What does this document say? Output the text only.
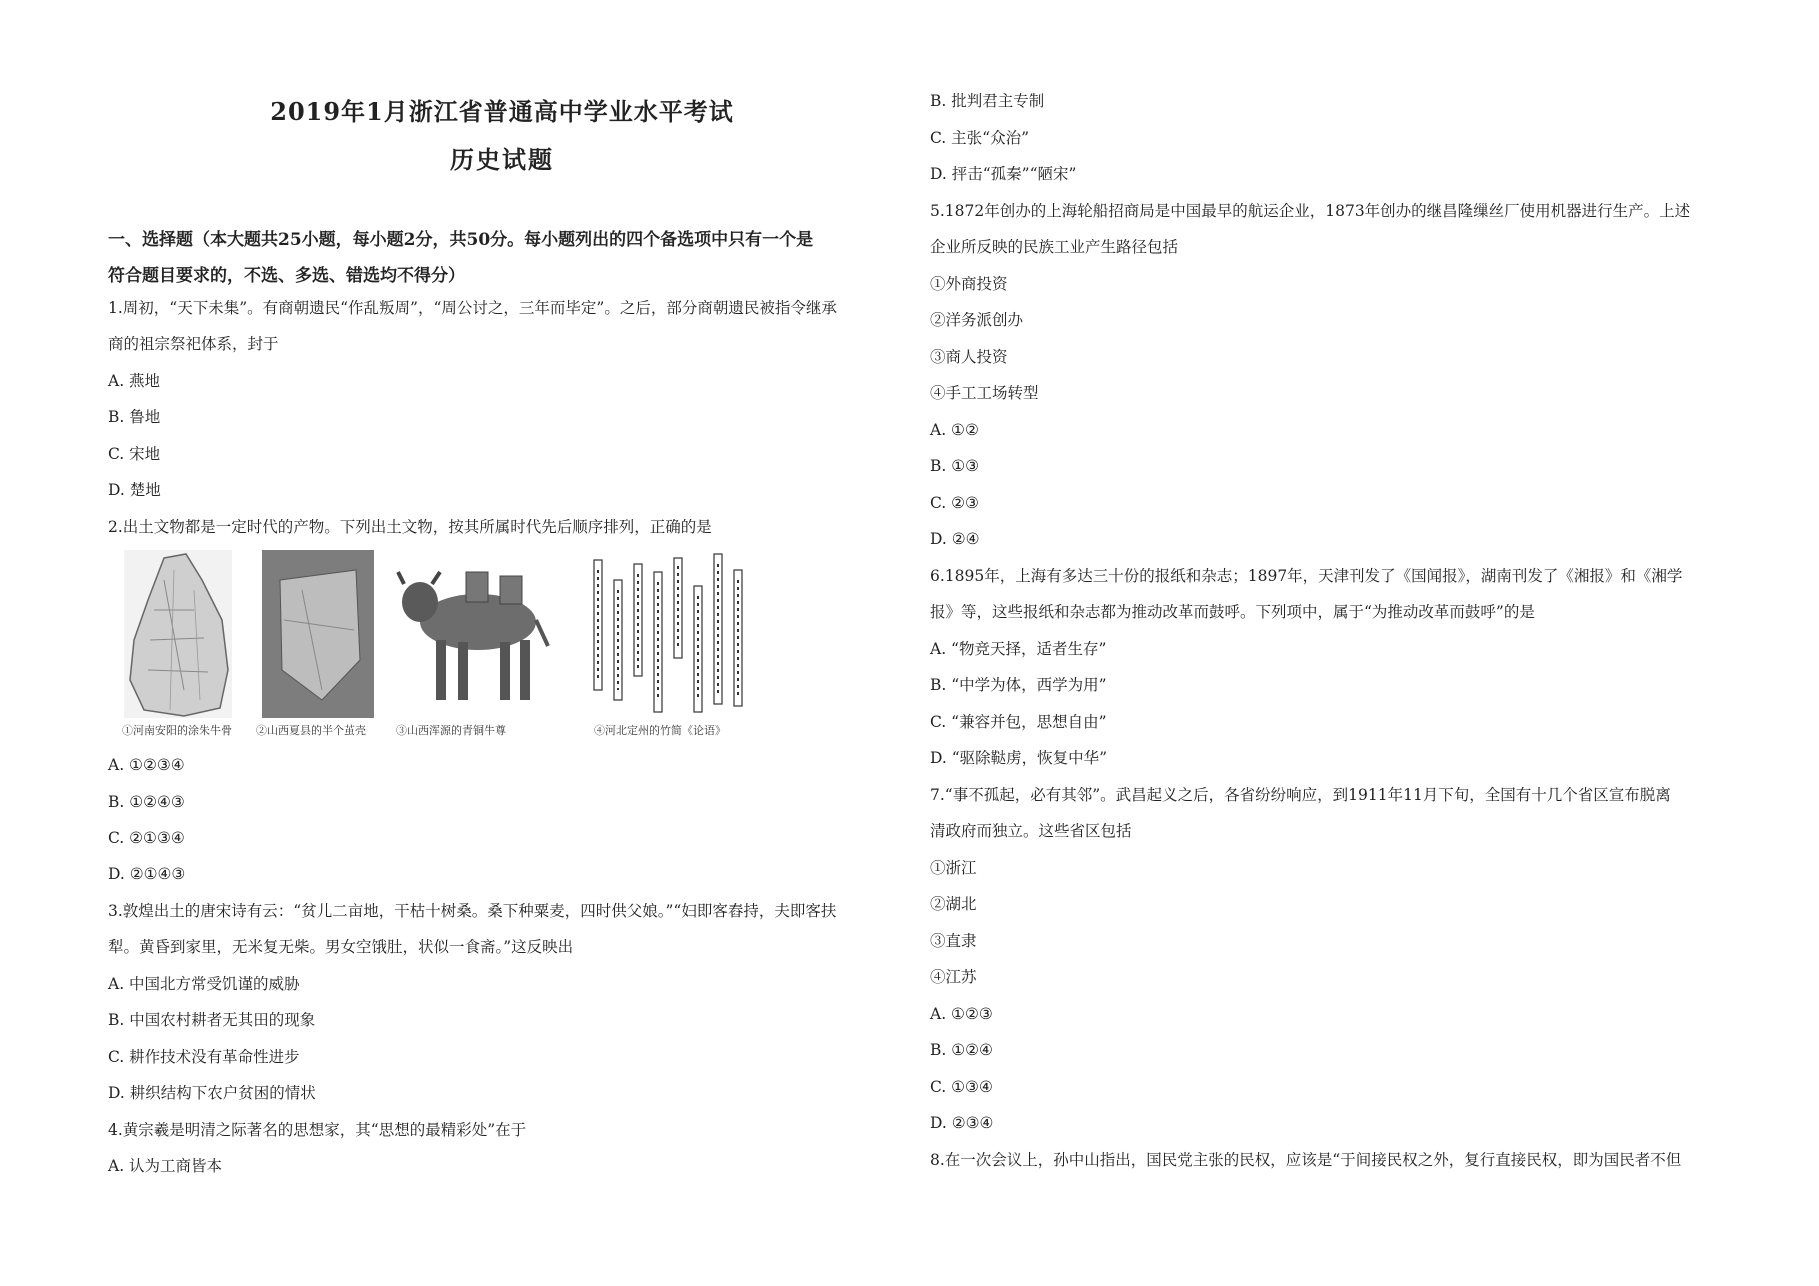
2019年1月浙江省普通高中学业水平考试
历史试题
一、选择题（本大题共25小题，每小题2分，共50分。每小题列出的四个备选项中只有一个是
符合题目要求的，不选、多选、错选均不得分）
1.周初，“天下未集”。有商朝遗民“作乱叛周”，“周公讨之，三年而毕定”。之后，部分商朝遗民被指令继承
商的祖宗祭祀体系，封于
A. 燕地
B. 鲁地
C. 宋地
D. 楚地
2.出土文物都是一定时代的产物。下列出土文物，按其所属时代先后顺序排列，正确的是
①河南安阳的涂朱牛骨 ②山西夏县的半个茧壳	③山西浑源的青铜牛尊	④河北定州的竹简《论语》
A. ①②③④
B. ①②④③
C. ②①③④
D. ②①④③
3.敦煌出土的唐宋诗有云：“贫儿二亩地，干枯十树桑。桑下种粟麦，四时供父娘。”“妇即客舂持，夫即客扶
犁。黄昏到家里，无米复无柴。男女空饿肚，状似一食斋。”这反映出
A. 中国北方常受饥谨的威胁
B. 中国农村耕者无其田的现象
C. 耕作技术没有革命性进步
D. 耕织结构下农户贫困的情状
4.黄宗羲是明清之际著名的思想家，其“思想的最精彩处”在于
A. 认为工商皆本
B. 批判君主专制
C. 主张“众治”
D. 抨击“孤秦”“陋宋”
5.1872年创办的上海轮船招商局是中国最早的航运企业，1873年创办的继昌隆缫丝厂使用机器进行生产。上述
企业所反映的民族工业产生路径包括
①外商投资
②洋务派创办
③商人投资
④手工工场转型
A. ①②
B. ①③
C. ②③
D. ②④
6.1895年，上海有多达三十份的报纸和杂志；1897年，天津刊发了《国闻报》，湖南刊发了《湘报》和《湘学
报》等，这些报纸和杂志都为推动改革而鼓呼。下列项中，属于“为推动改革而鼓呼”的是
A. “物竞天择，适者生存”
B. “中学为体，西学为用”
C. “兼容并包，思想自由”
D. “驱除鞑虏，恢复中华”
7.“事不孤起，必有其邻”。武昌起义之后，各省纷纷响应，到1911年11月下旬，全国有十几个省区宣布脱离
清政府而独立。这些省区包括
①浙江
②湖北
③直隶
④江苏
A. ①②③
B. ①②④
C. ①③④
D. ②③④
8.在一次会议上，孙中山指出，国民党主张的民权，应该是“于间接民权之外，复行直接民权，即为国民者不但
